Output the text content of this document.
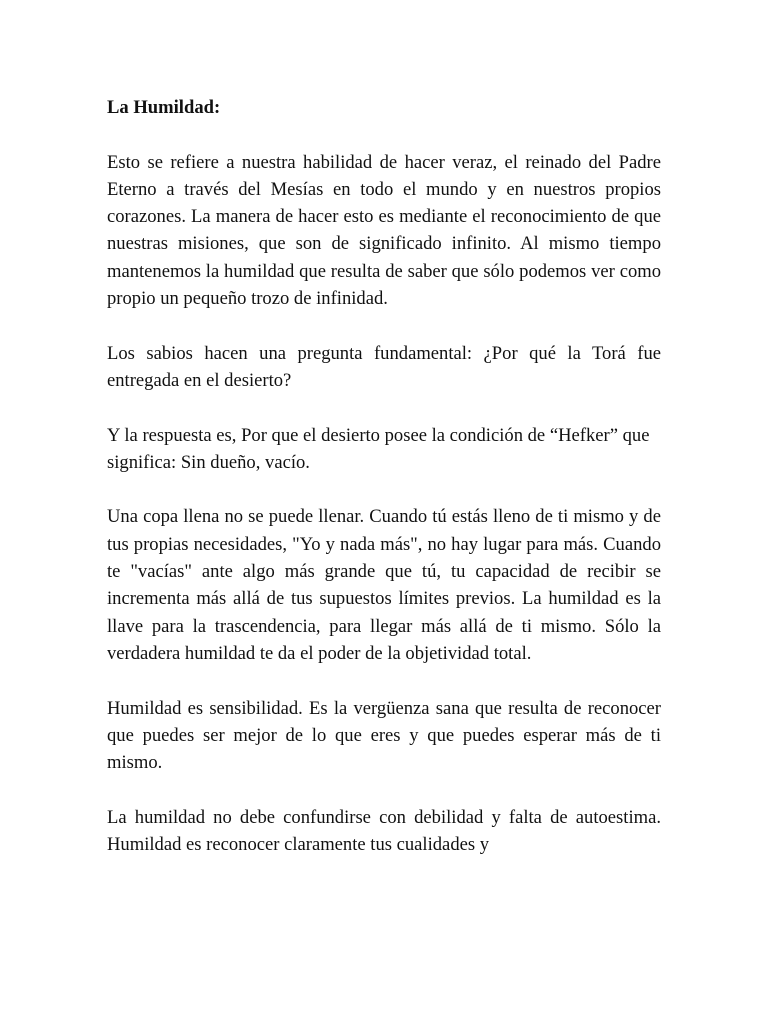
La Humildad:

Esto se refiere a nuestra habilidad de hacer veraz, el reinado del Padre Eterno a través del Mesías en todo el mundo y en nuestros propios corazones. La manera de hacer esto es mediante el reconocimiento de que nuestras misiones, que son de significado infinito. Al mismo tiempo mantenemos la humildad que resulta de saber que sólo podemos ver como propio un pequeño trozo de infinidad.

Los sabios hacen una pregunta fundamental: ¿Por qué la Torá fue entregada en el desierto?

Y la respuesta es, Por que el desierto posee la condición de “Hefker” que significa: Sin dueño, vacío.

Una copa llena no se puede llenar. Cuando tú estás lleno de ti mismo y de tus propias necesidades, "Yo y nada más", no hay lugar para más. Cuando te "vacías" ante algo más grande que tú, tu capacidad de recibir se incrementa más allá de tus supuestos límites previos. La humildad es la llave para la trascendencia, para llegar más allá de ti mismo. Sólo la verdadera humildad te da el poder de la objetividad total.

Humildad es sensibilidad. Es la vergüenza sana que resulta de reconocer que puedes ser mejor de lo que eres y que puedes esperar más de ti mismo.

La humildad no debe confundirse con debilidad y falta de autoestima. Humildad es reconocer claramente tus cualidades y
